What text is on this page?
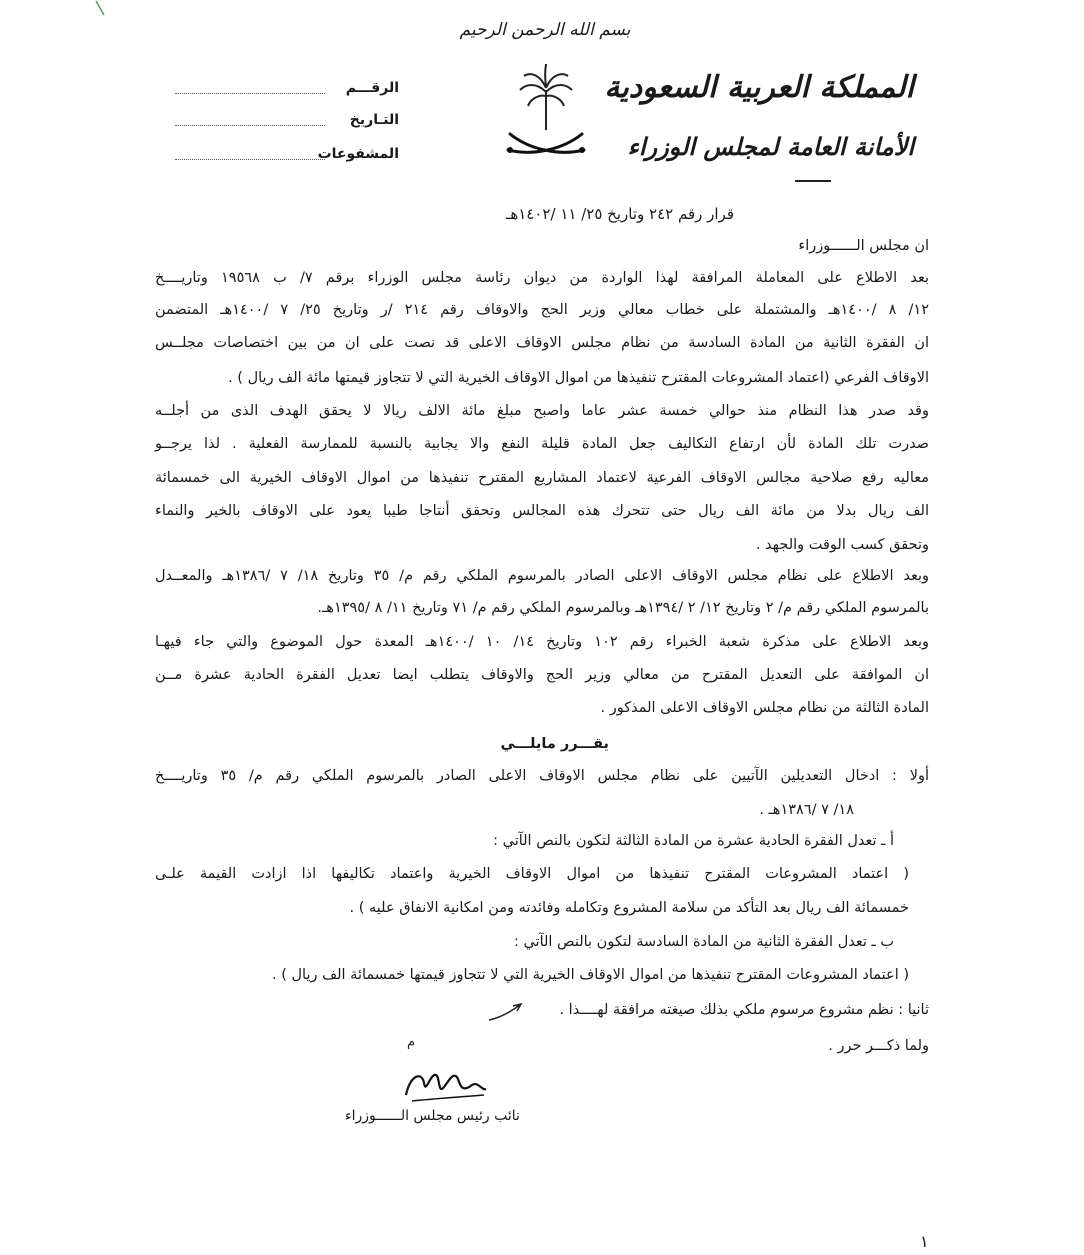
بسم الله الرحمن الرحيم
المملكة العربية السعودية
الأمانة العامة لمجلس الوزراء
الرقـــم
التـاريخ
المشفوعات
قرار رقم ٢٤٢ وتاريخ ٢٥/ ١١ /١٤٠٢هـ
ان مجلس الــــــوزراء
بعد الاطلاع على المعاملة المرافقة لهذا الواردة من ديوان رئاسة مجلس الوزراء برقم ٧/ ب ١٩٥٦٨ وتاريــــخ
١٢/ ٨ /١٤٠٠هـ والمشتملة على خطاب معالي وزير الحج والاوقاف رقم ٢١٤ /ر وتاريخ ٢٥/ ٧ /١٤٠٠هـ المتضمن
ان الفقرة الثانية من المادة السادسة من نظام مجلس الاوقاف الاعلى قد نصت على ان من بين اختصاصات مجلــس
الاوقاف الفرعي (اعتماد المشروعات المقترح تنفيذها من اموال الاوقاف الخيرية التي لا تتجاوز قيمتها مائة الف ريال ) .
وقد صدر هذا النظام منذ حوالي خمسة عشر عاما واصبح مبلغ مائة الالف ريالا لا يحقق الهدف الذى من أجلــه
صدرت تلك المادة لأن ارتفاع التكاليف جعل المادة قليلة النفع والا يجابية بالنسبة للممارسة الفعلية . لذا يرجــو
معاليه رفع صلاحية مجالس الاوقاف الفرعية لاعتماد المشاريع المقترح تنفيذها من اموال الاوقاف الخيرية الى خمسمائة
الف ريال بدلا من مائة الف ريال حتى تتحرك هذه المجالس وتحقق أنتاجا طيبا يعود على الاوقاف بالخير والنماء
وتحقق كسب الوقت والجهد .
وبعد الاطلاع على نظام مجلس الاوقاف الاعلى الصادر بالمرسوم الملكي رقم م/ ٣٥ وتاريخ ١٨/ ٧ /١٣٨٦هـ والمعــدل
بالمرسوم الملكي رقم م/ ٢ وتاريخ ١٢/ ٢ /١٣٩٤هـ وبالمرسوم الملكي رقم م/ ٧١ وتاريخ ١١/ ٨ /١٣٩٥هـ.
وبعد الاطلاع على مذكرة شعبة الخبراء رقم ١٠٢ وتاريخ ١٤/ ١٠ /١٤٠٠هـ المعدة حول الموضوع والتي جاء فيهـا
ان الموافقة على التعديل المقترح من معالي وزير الحج والاوقاف يتطلب ايضا تعديل الفقرة الحادية عشرة مــن
المادة الثالثة من نظام مجلس الاوقاف الاعلى المذكور .
يقـــرر مايلـــي
أولا : ادخال التعديلين الآتيين على نظام مجلس الاوقاف الاعلى الصادر بالمرسوم الملكي رقم م/ ٣٥ وتاريــــخ
١٨/ ٧ /١٣٨٦هـ .
أ ـ تعدل الفقرة الحادية عشرة من المادة الثالثة لتكون بالنص الآتي :
( اعتماد المشروعات المقترح تنفيذها من اموال الاوقاف الخيرية واعتماد تكاليفها اذا ازادت القيمة علـى
خمسمائة الف ريال بعد التأكد من سلامة المشروع وتكامله وفائدته ومن امكانية الانفاق عليه ) .
ب ـ تعدل الفقرة الثانية من المادة السادسة لتكون بالنص الآتي :
( اعتماد المشروعات المقترح تنفيذها من اموال الاوقاف الخيرية التي لا تتجاوز قيمتها خمسمائة الف ريال ) .
ثانيا : نظم مشروع مرسوم ملكي بذلك صيغته مرافقة لهــــذا .
ولما ذكـــر حرر .
م
نائب رئيس مجلس الــــــوزراء
١
